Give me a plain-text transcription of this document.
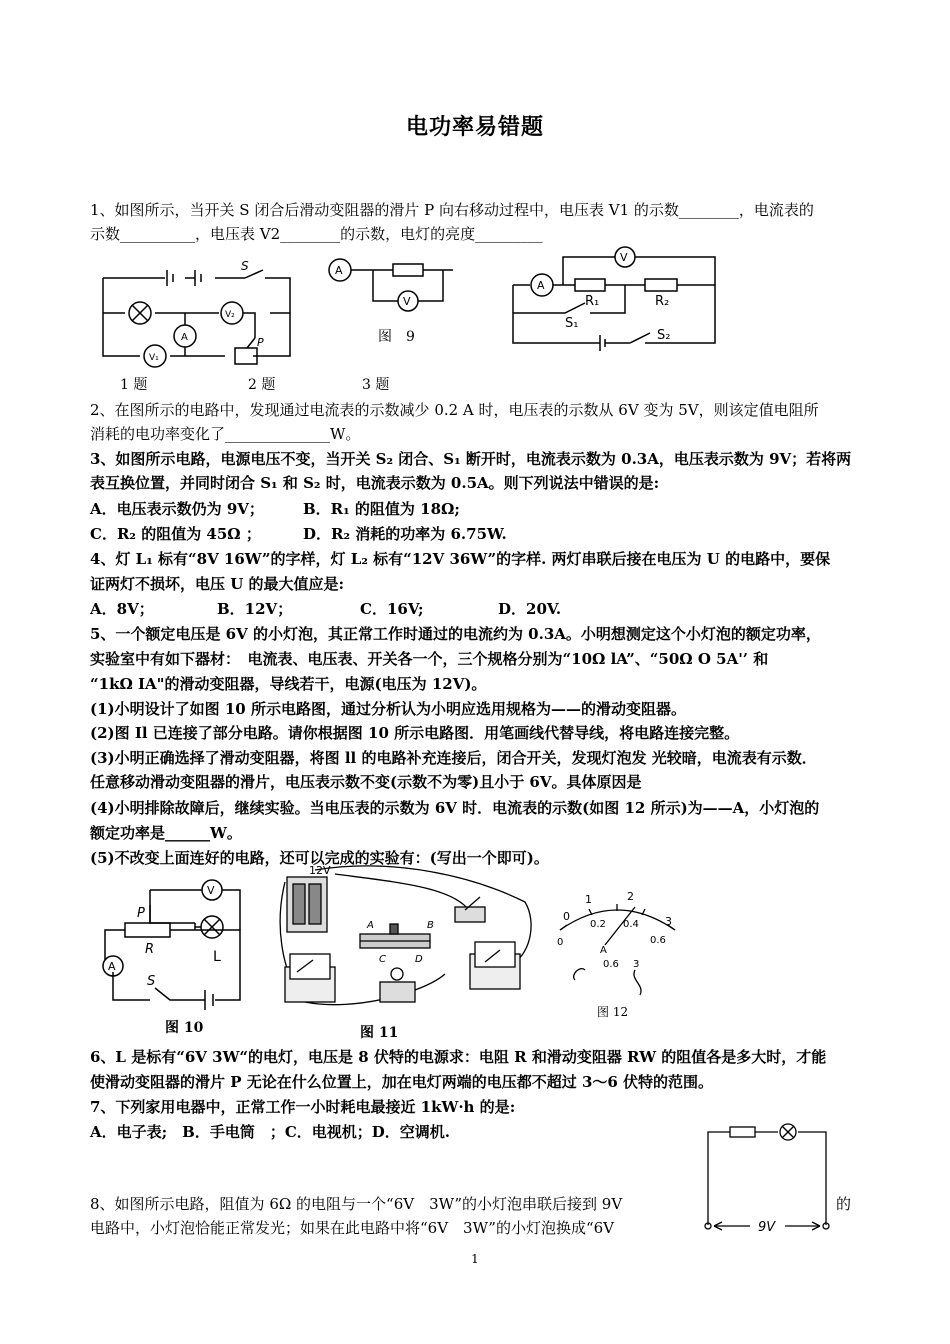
电功率易错题
1、如图所示，当开关 S 闭合后滑动变阻器的滑片 P 向右移动过程中，电压表 V1 的示数________，电流表的
示数__________，电压表 V2________的示数，电灯的亮度_________
S
P
A
V₂
V₁
A
V
图　9
A
V
R₁	R₂
S₁
S₂
1 题	2 题	3 题
2、在图所示的电路中，发现通过电流表的示数减少 0.2 A 时，电压表的示数从 6V 变为 5V，则该定值电阻所
消耗的电功率变化了______________W。
3、如图所示电路，电源电压不变，当开关 S₂ 闭合、S₁ 断开时，电流表示数为 0.3A，电压表示数为 9V；若将两
表互换位置，并同时闭合 S₁ 和 S₂ 时，电流表示数为 0.5A。则下列说法中错误的是:
A．电压表示数仍为 9V；	B．R₁ 的阻值为 18Ω;
C．R₂ 的阻值为 45Ω ；	D．R₂ 消耗的功率为 6.75W.
4、灯 L₁ 标有“8V 16W”的字样，灯 L₂ 标有“12V 36W”的字样. 两灯串联后接在电压为 U 的电路中，要保
证两灯不损坏，电压 U 的最大值应是:
A．8V；	B．12V；	C．16V;	D．20V.
5、一个额定电压是 6V 的小灯泡，其正常工作时通过的电流约为 0.3A。小明想测定这个小灯泡的额定功率，
实验室中有如下器材：　电流表、电压表、开关各一个，三个规格分别为“10Ω lA”、“50Ω O 5A'’ 和
“1kΩ IA"的滑动变阻器，导线若干，电源(电压为 12V)。
(1)小明设计了如图 10 所示电路图，通过分析认为小明应选用规格为——的滑动变阻器。
(2)图 Il 已连接了部分电路。请你根据图 10 所示电路图．用笔画线代替导线，将电路连接完整。
(3)小明正确选择了滑动变阻器，将图 ll 的电路补充连接后，闭合开关，发现灯泡发 光较暗，电流表有示数．
任意移动滑动变阻器的滑片，电压表示数不变(示数不为零)且小于 6V。具体原因是
(4)小明排除故障后，继续实验。当电压表的示数为 6V 时．电流表的示数(如图 12 所示)为——A，小灯泡的
额定功率是______W。
(5)不改变上面连好的电路，还可以完成的实验有：(写出一个即可)。
V
A
P
R	L
S
图 10
12V
A	B
C	D
图 11
1	2
3
0
0.2 0.4
0.6
0
A
0.6 3
图 12
6、L 是标有“6V 3W“的电灯，电压是 8 伏特的电源求：电阻 R 和滑动变阻器 RW 的阻值各是多大时，才能
使滑动变阻器的滑片 P 无论在什么位置上，加在电灯两端的电压都不超过 3～6 伏特的范围。
7、下列家用电器中，正常工作一小时耗电最接近 1kW·h 的是:
A．电子表;　B．手电筒　；C．电视机；D．空调机.
9V
8、如图所示电路，阻值为 6Ω 的电阻与一个“6V　3W”的小灯泡串联后接到 9V	的
电路中，小灯泡恰能正常发光；如果在此电路中将“6V　3W”的小灯泡换成“6V
1
